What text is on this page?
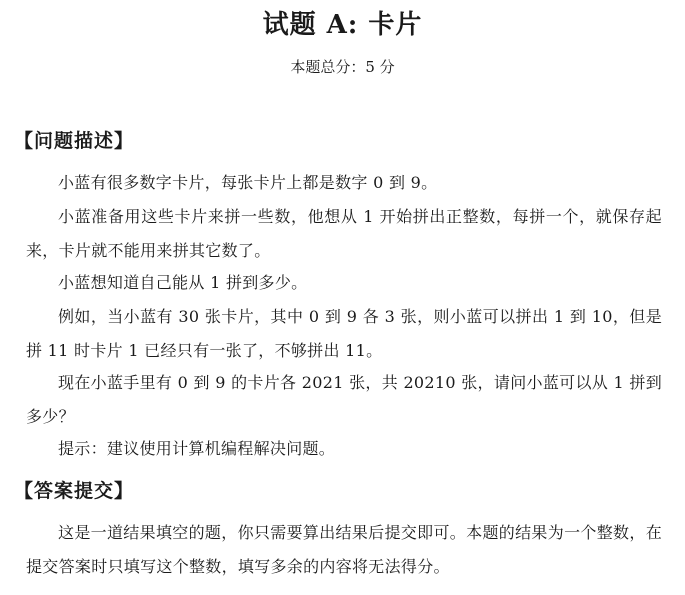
试题 A: 卡片
本题总分：5 分
【问题描述】
小蓝有很多数字卡片，每张卡片上都是数字 0 到 9。
小蓝准备用这些卡片来拼一些数，他想从 1 开始拼出正整数，每拼一个，就保存起来，卡片就不能用来拼其它数了。
小蓝想知道自己能从 1 拼到多少。
例如，当小蓝有 30 张卡片，其中 0 到 9 各 3 张，则小蓝可以拼出 1 到 10，但是拼 11 时卡片 1 已经只有一张了，不够拼出 11。
现在小蓝手里有 0 到 9 的卡片各 2021 张，共 20210 张，请问小蓝可以从 1 拼到多少？
提示：建议使用计算机编程解决问题。
【答案提交】
这是一道结果填空的题，你只需要算出结果后提交即可。本题的结果为一个整数，在提交答案时只填写这个整数，填写多余的内容将无法得分。
